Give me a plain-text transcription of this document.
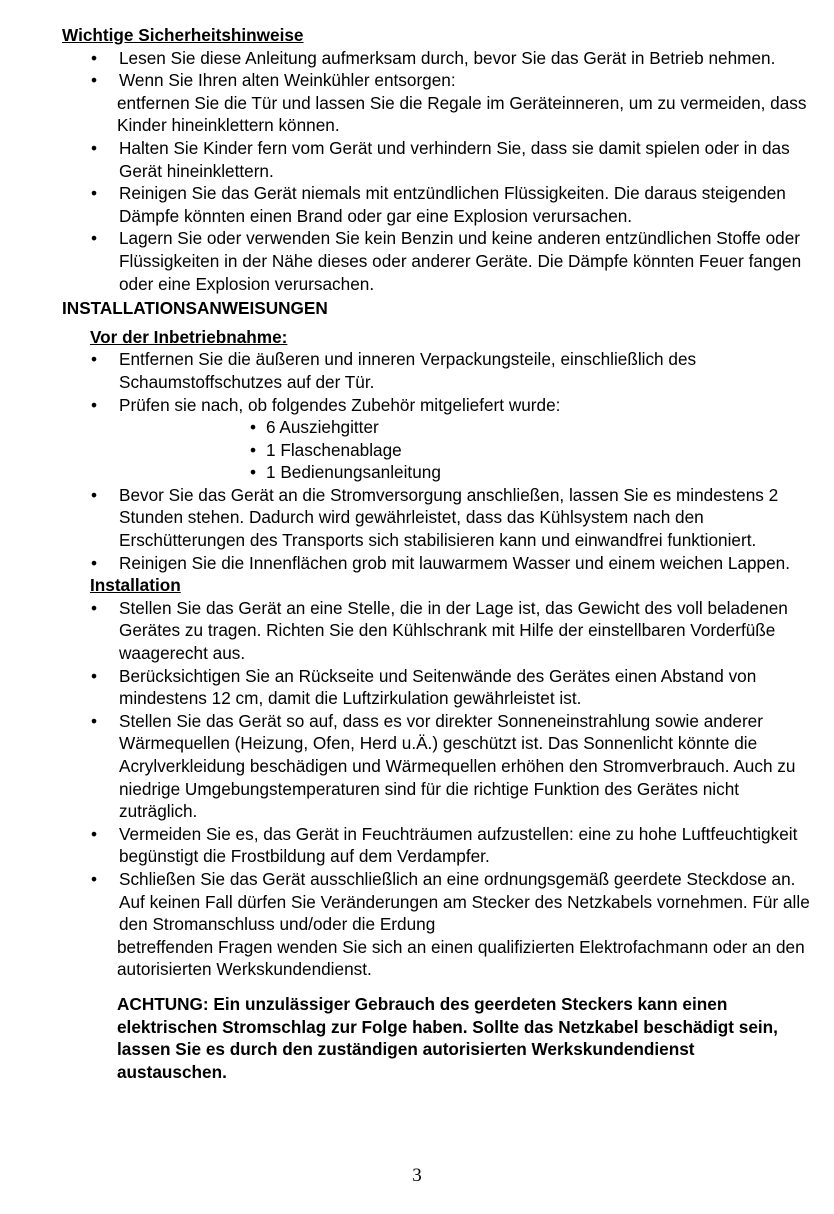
Wichtige Sicherheitshinweise
• Lesen Sie diese Anleitung aufmerksam durch, bevor Sie das Gerät in Betrieb nehmen.
• Wenn Sie Ihren alten Weinkühler entsorgen:
entfernen Sie die Tür und lassen Sie die Regale im Geräteinneren, um zu vermeiden, dass Kinder hineinklettern können.
• Halten Sie Kinder fern vom Gerät und verhindern Sie, dass sie damit spielen oder in das Gerät hineinklettern.
• Reinigen Sie das Gerät niemals mit entzündlichen Flüssigkeiten. Die daraus steigenden Dämpfe könnten einen Brand oder gar eine Explosion verursachen.
• Lagern Sie oder verwenden Sie kein Benzin und keine anderen entzündlichen Stoffe oder Flüssigkeiten in der Nähe dieses oder anderer Geräte. Die Dämpfe könnten Feuer fangen oder eine Explosion verursachen.
INSTALLATIONSANWEISUNGEN
Vor der Inbetriebnahme:
• Entfernen Sie die äußeren und inneren Verpackungsteile, einschließlich des Schaumstoffschutzes auf der Tür.
• Prüfen sie nach, ob folgendes Zubehör mitgeliefert wurde:
• 6 Ausziehgitter
• 1 Flaschenablage
• 1 Bedienungsanleitung
• Bevor Sie das Gerät an die Stromversorgung anschließen, lassen Sie es mindestens 2 Stunden stehen. Dadurch wird gewährleistet, dass das Kühlsystem nach den Erschütterungen des Transports sich stabilisieren kann und einwandfrei funktioniert.
• Reinigen Sie die Innenflächen grob mit lauwarmem Wasser und einem weichen Lappen.
Installation
• Stellen Sie das Gerät an eine Stelle, die in der Lage ist, das Gewicht des voll beladenen Gerätes zu tragen. Richten Sie den Kühlschrank mit Hilfe der einstellbaren Vorderfüße waagerecht aus.
• Berücksichtigen Sie an Rückseite und Seitenwände des Gerätes einen Abstand von mindestens 12 cm, damit die Luftzirkulation gewährleistet ist.
• Stellen Sie das Gerät so auf, dass es vor direkter Sonneneinstrahlung sowie anderer Wärmequellen (Heizung, Ofen, Herd u.Ä.) geschützt ist. Das Sonnenlicht könnte die Acrylverkleidung beschädigen und Wärmequellen erhöhen den Stromverbrauch. Auch zu niedrige Umgebungstemperaturen sind für die richtige Funktion des Gerätes nicht zuträglich.
• Vermeiden Sie es, das Gerät in Feuchträumen aufzustellen: eine zu hohe Luftfeuchtigkeit begünstigt die Frostbildung auf dem Verdampfer.
• Schließen Sie das Gerät ausschließlich an eine ordnungsgemäß geerdete Steckdose an. Auf keinen Fall dürfen Sie Veränderungen am Stecker des Netzkabels vornehmen. Für alle den Stromanschluss und/oder die Erdung
betreffenden Fragen wenden Sie sich an einen qualifizierten Elektrofachmann oder an den autorisierten Werkskundendienst.
ACHTUNG: Ein unzulässiger Gebrauch des geerdeten Steckers kann einen elektrischen Stromschlag zur Folge haben. Sollte das Netzkabel beschädigt sein, lassen Sie es durch den zuständigen autorisierten Werkskundendienst austauschen.
3
